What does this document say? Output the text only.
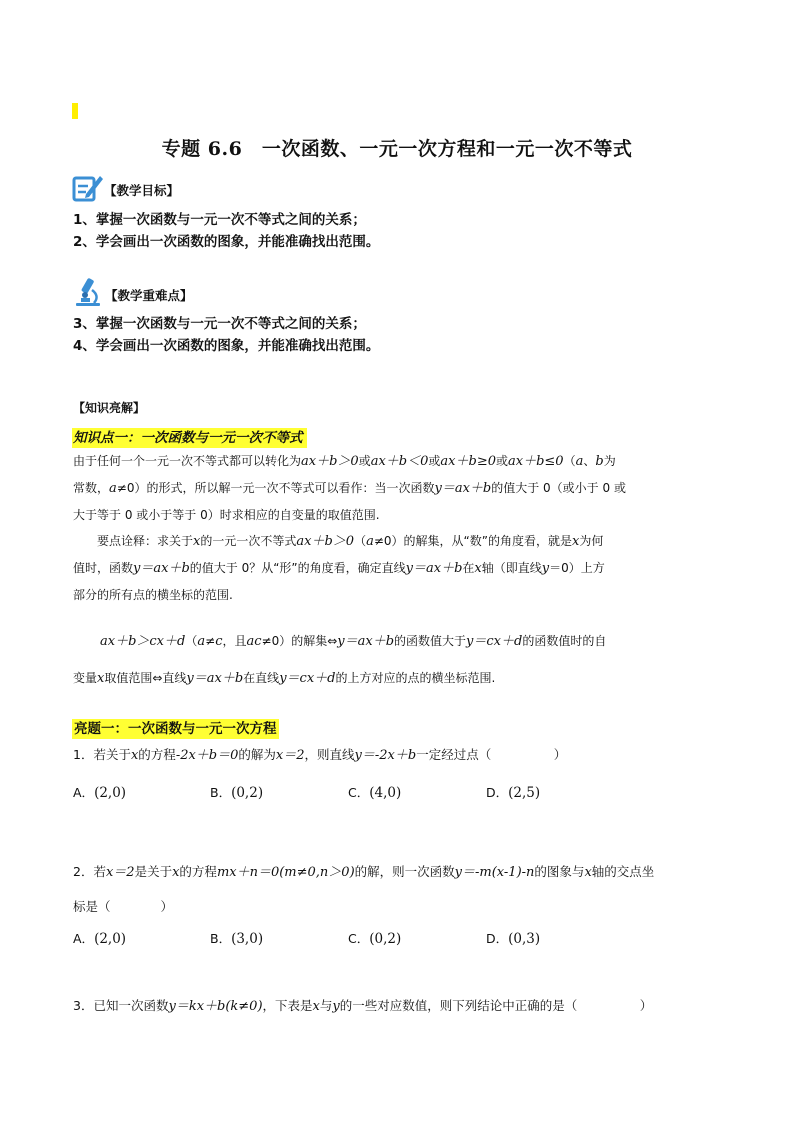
专题 6.6　一次函数、一元一次方程和一元一次不等式
【教学目标】
1、掌握一次函数与一元一次不等式之间的关系；
2、学会画出一次函数的图象，并能准确找出范围。
【教学重难点】
3、掌握一次函数与一元一次不等式之间的关系；
4、学会画出一次函数的图象，并能准确找出范围。
【知识亮解】
知识点一：一次函数与一元一次不等式
由于任何一个一元一次不等式都可以转化为ax＋b＞0或ax＋b＜0或ax＋b≥0或ax＋b≤0（a、b为
常数，a≠0）的形式，所以解一元一次不等式可以看作：当一次函数y＝ax＋b的值大于 0（或小于 0 或
大于等于 0 或小于等于 0）时求相应的自变量的取值范围.
要点诠释：求关于x的一元一次不等式ax＋b＞0（a≠0）的解集，从“数”的角度看，就是x为何
值时，函数y＝ax＋b的值大于 0？从“形”的角度看，确定直线y＝ax＋b在x轴（即直线y＝0）上方
部分的所有点的横坐标的范围.
ax＋b＞cx＋d（a≠c，且ac≠0）的解集⇔y＝ax＋b的函数值大于y＝cx＋d的函数值时的自
变量x取值范围⇔直线y＝ax＋b在直线y＝cx＋d的上方对应的点的横坐标范围.
亮题一：一次函数与一元一次方程
1．若关于x的方程-2x＋b＝0的解为x＝2，则直线y＝-2x＋b一定经过点（　　　　　）
A．(2,0)	B．(0,2)	C．(4,0)	D．(2,5)
2．若x＝2是关于x的方程mx＋n＝0(m≠0,n＞0)的解，则一次函数y＝-m(x-1)-n的图象与x轴的交点坐
标是（　　　　）
A．(2,0)	B．(3,0)	C．(0,2)	D．(0,3)
3．已知一次函数y＝kx＋b(k≠0)，下表是x与y的一些对应数值，则下列结论中正确的是（　　　　　）
